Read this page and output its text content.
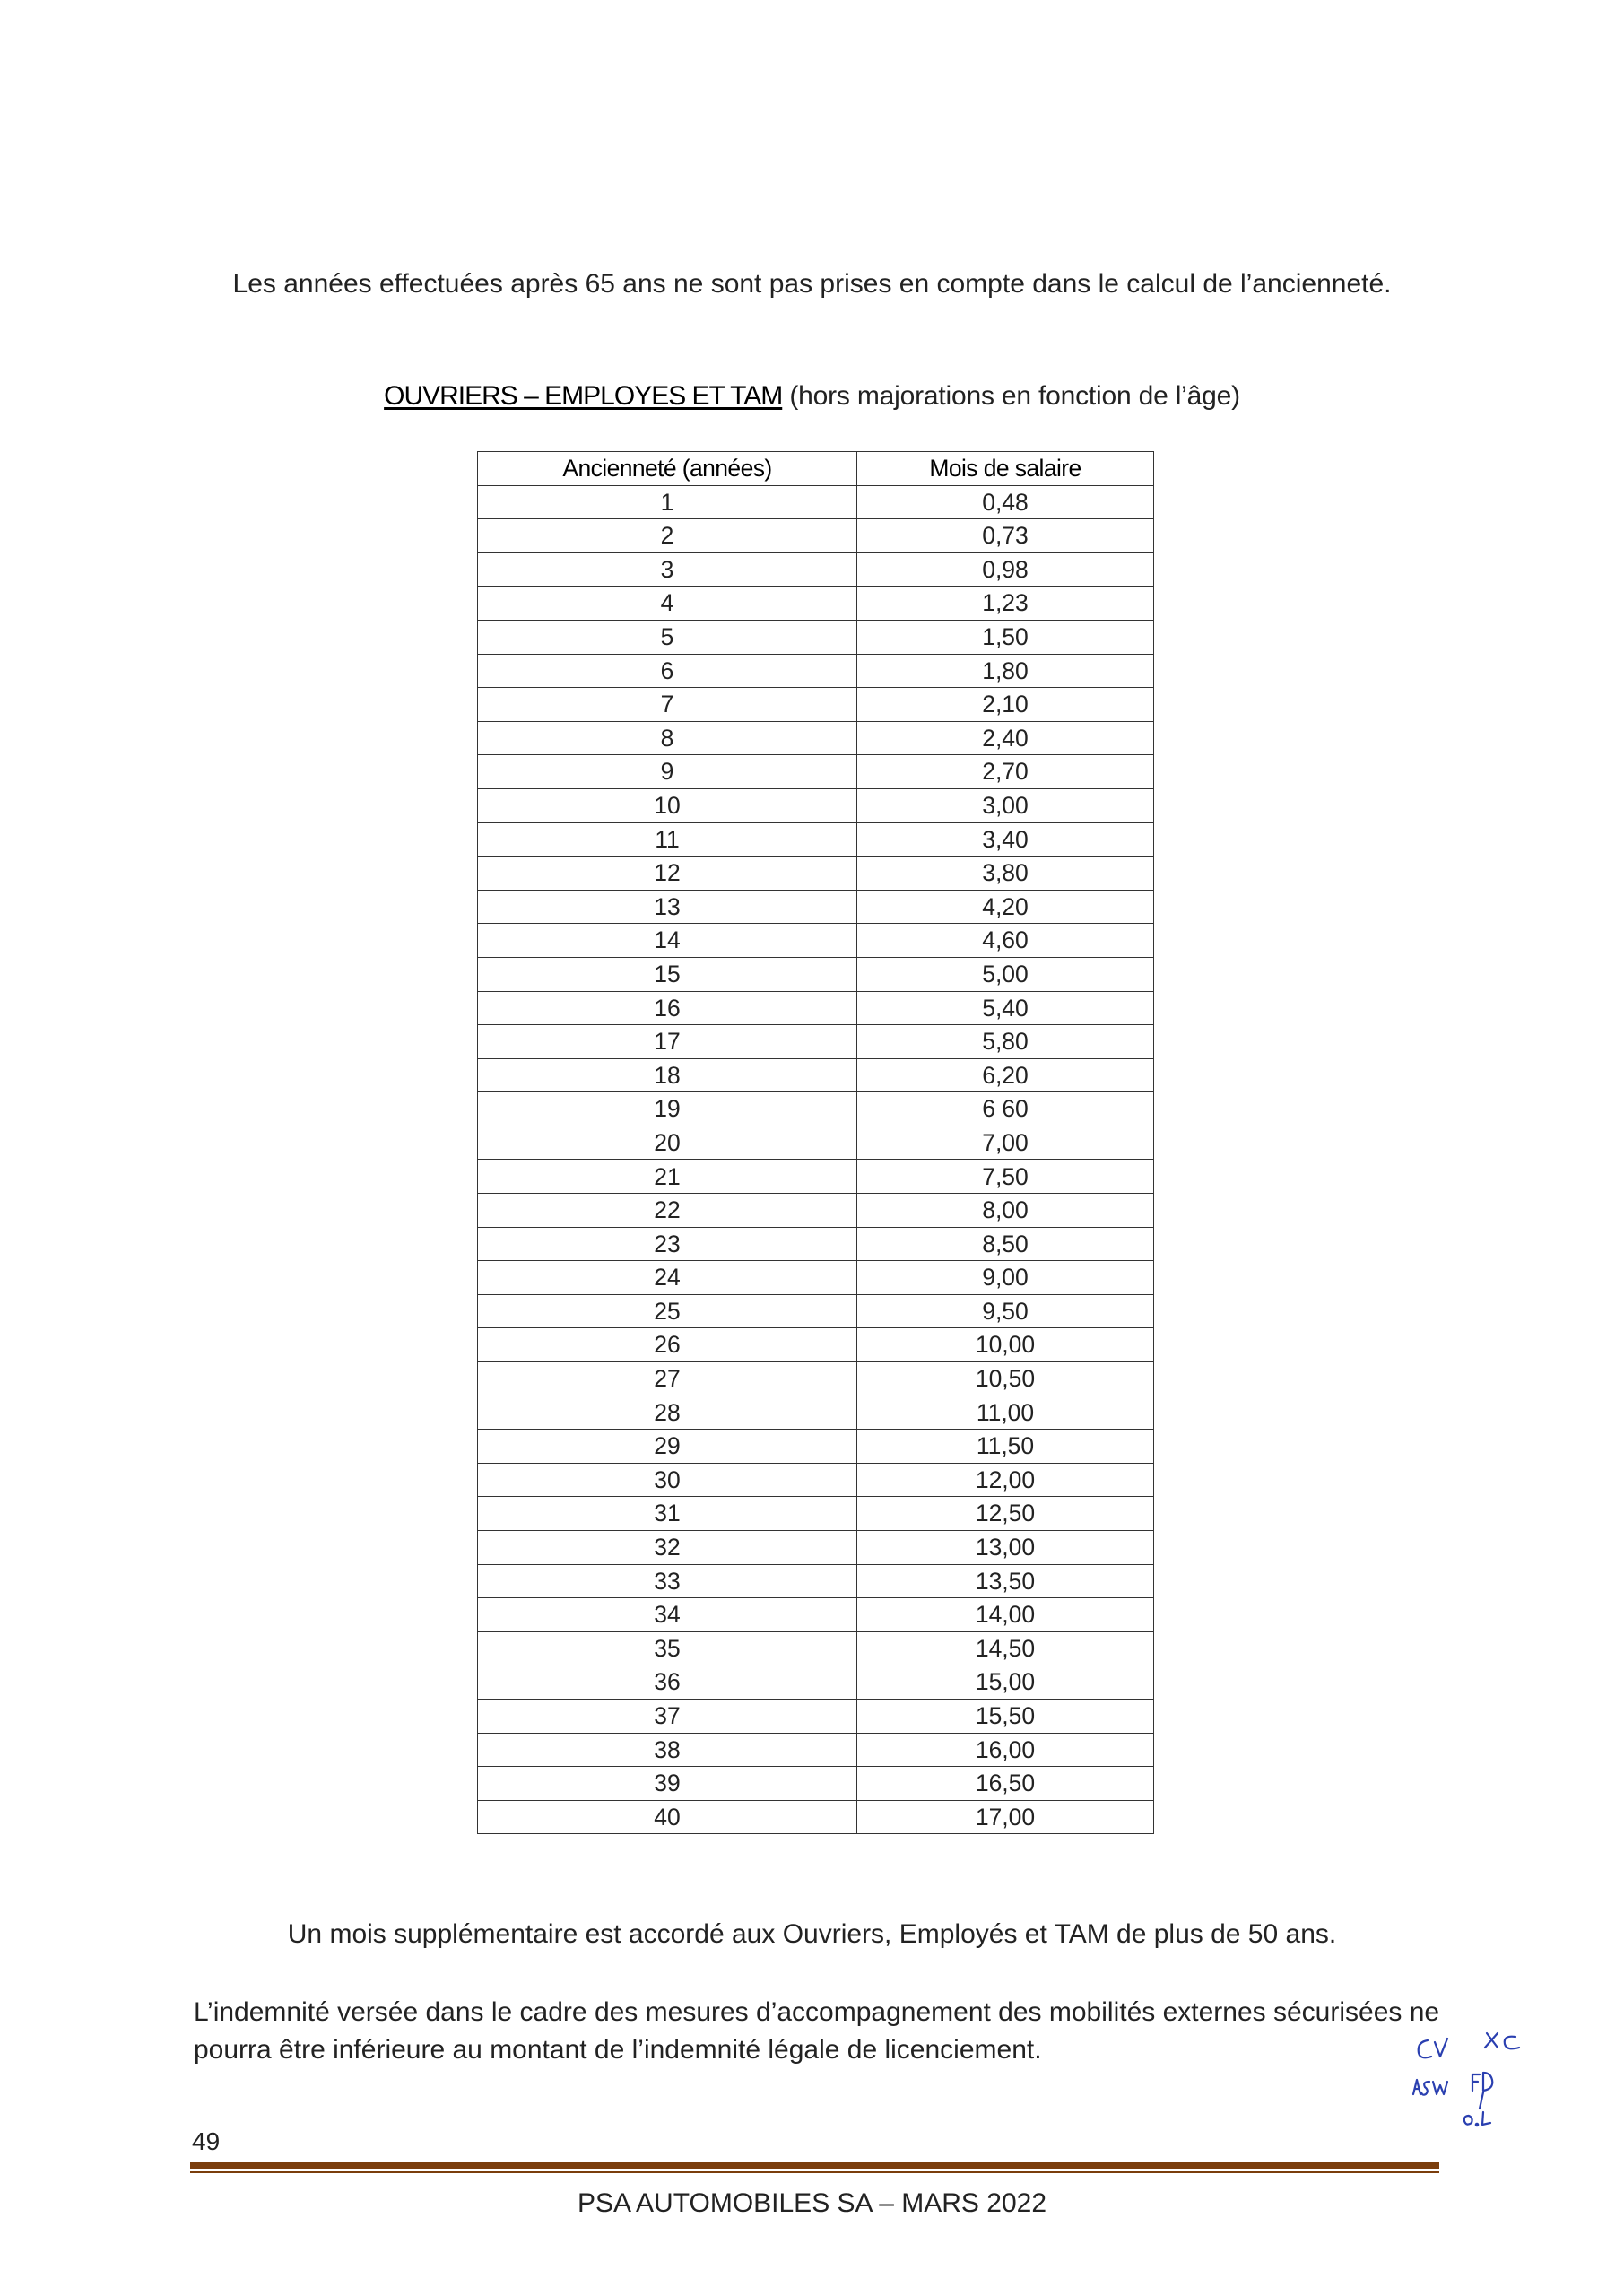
Les années effectuées après 65 ans ne sont pas prises en compte dans le calcul de l’ancienneté.

OUVRIERS – EMPLOYES ET TAM (hors majorations en fonction de l’âge)

Ancienneté (années)	Mois de salaire
1	0,48
2	0,73
3	0,98
4	1,23
5	1,50
6	1,80
7	2,10
8	2,40
9	2,70
10	3,00
11	3,40
12	3,80
13	4,20
14	4,60
15	5,00
16	5,40
17	5,80
18	6,20
19	6 60
20	7,00
21	7,50
22	8,00
23	8,50
24	9,00
25	9,50
26	10,00
27	10,50
28	11,00
29	11,50
30	12,00
31	12,50
32	13,00
33	13,50
34	14,00
35	14,50
36	15,00
37	15,50
38	16,00
39	16,50
40	17,00

Un mois supplémentaire est accordé aux Ouvriers, Employés et TAM de plus de 50 ans.

L’indemnité versée dans le cadre des mesures d’accompagnement des mobilités externes sécurisées ne
pourra être inférieure au montant de l’indemnité légale de licenciement.

49

PSA AUTOMOBILES SA – MARS 2022
